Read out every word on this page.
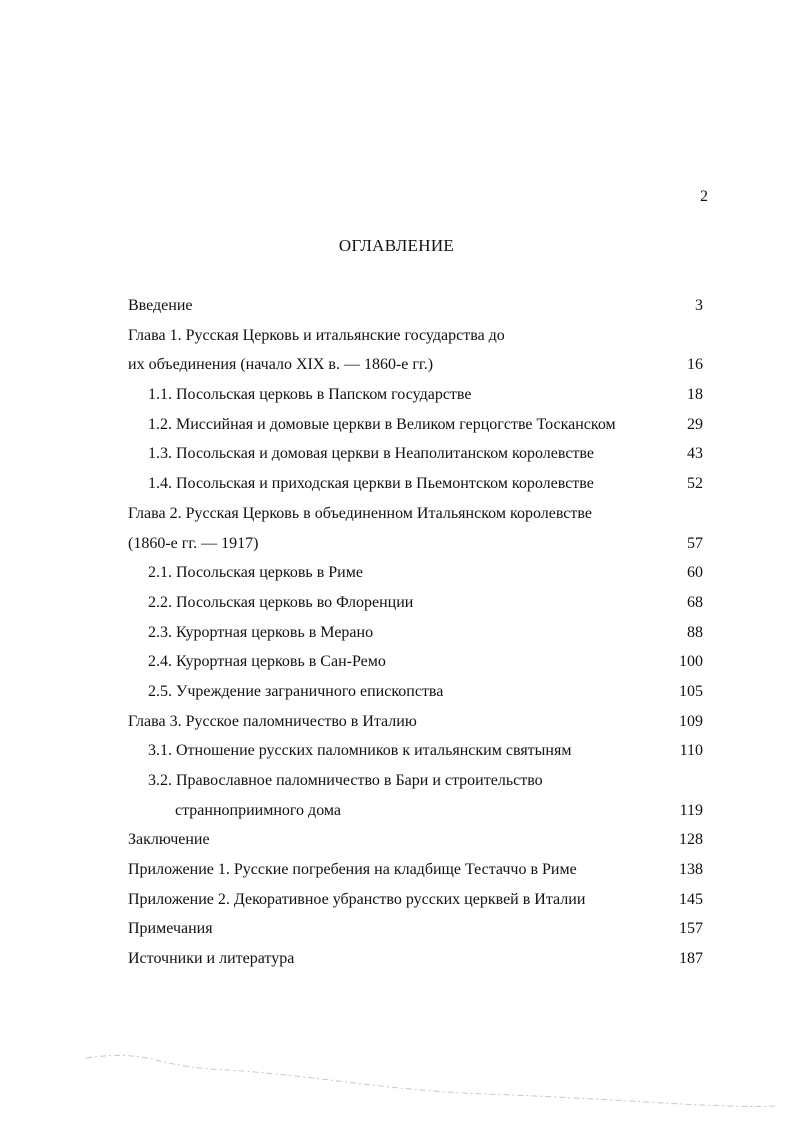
2
ОГЛАВЛЕНИЕ
Введение	3
Глава 1. Русская Церковь и итальянские государства до
их объединения (начало XIX в. — 1860-е гг.)	16
1.1. Посольская церковь в Папском государстве	18
1.2. Миссийная и домовые церкви в Великом герцогстве Тосканском	29
1.3. Посольская и домовая церкви в Неаполитанском королевстве	43
1.4. Посольская и приходская церкви в Пьемонтском королевстве	52
Глава 2. Русская Церковь в объединенном Итальянском королевстве
(1860-е гг. — 1917)	57
2.1. Посольская церковь в Риме	60
2.2. Посольская церковь во Флоренции	68
2.3. Курортная церковь в Мерано	88
2.4. Курортная церковь в Сан-Ремо	100
2.5. Учреждение заграничного епископства	105
Глава 3. Русское паломничество в Италию	109
3.1. Отношение русских паломников к итальянским святыням	110
3.2. Православное паломничество в Бари и строительство
странноприимного дома	119
Заключение	128
Приложение 1. Русские погребения на кладбище Тестаччо в Риме	138
Приложение 2. Декоративное убранство русских церквей в Италии	145
Примечания	157
Источники и литература	187
